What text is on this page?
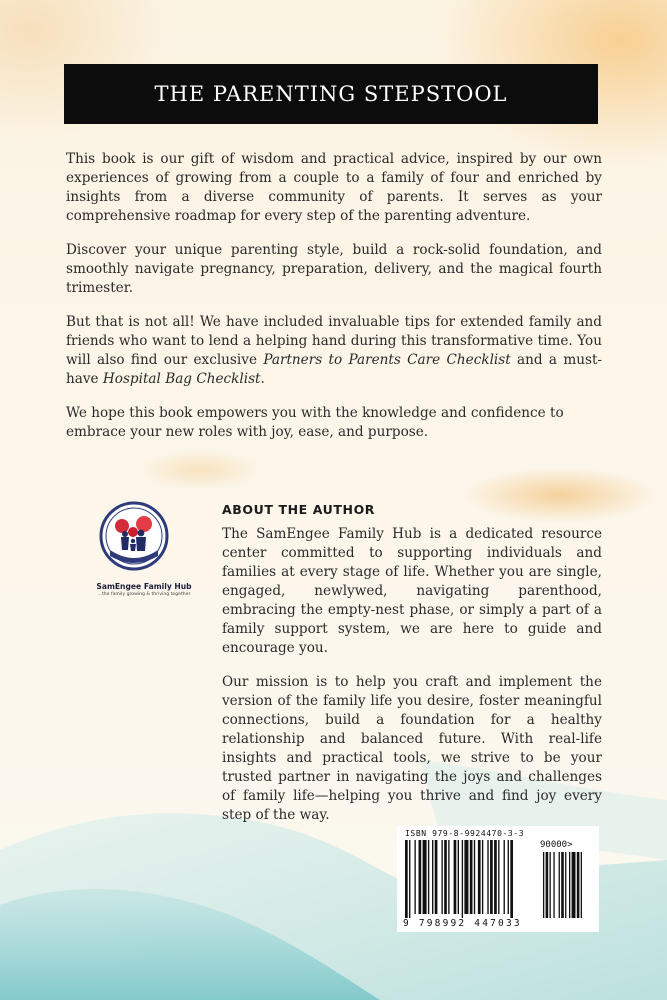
THE PARENTING STEPSTOOL

This book is our gift of wisdom and practical advice, inspired by our own experiences of growing from a couple to a family of four and enriched by insights from a diverse community of parents. It serves as your comprehensive roadmap for every step of the parenting adventure.

Discover your unique parenting style, build a rock-solid foundation, and smoothly navigate pregnancy, preparation, delivery, and the magical fourth trimester.

But that is not all! We have included invaluable tips for extended family and friends who want to lend a helping hand during this transformative time. You will also find our exclusive Partners to Parents Care Checklist and a must-have Hospital Bag Checklist.

We hope this book empowers you with the knowledge and confidence to embrace your new roles with joy, ease, and purpose.

SamEngee Family Hub
...the family growing & thriving together
ABOUT THE AUTHOR

The SamEngee Family Hub is a dedicated resource center committed to supporting individuals and families at every stage of life. Whether you are single, engaged, newlywed, navigating parenthood, embracing the empty-nest phase, or simply a part of a family support system, we are here to guide and encourage you.

Our mission is to help you craft and implement the version of the family life you desire, foster meaningful connections, build a foundation for a healthy relationship and balanced future. With real-life insights and practical tools, we strive to be your trusted partner in navigating the joys and challenges of family life—helping you thrive and find joy every step of the way.

ISBN 979-8-9924470-3-3
90000>
9 798992 447033
